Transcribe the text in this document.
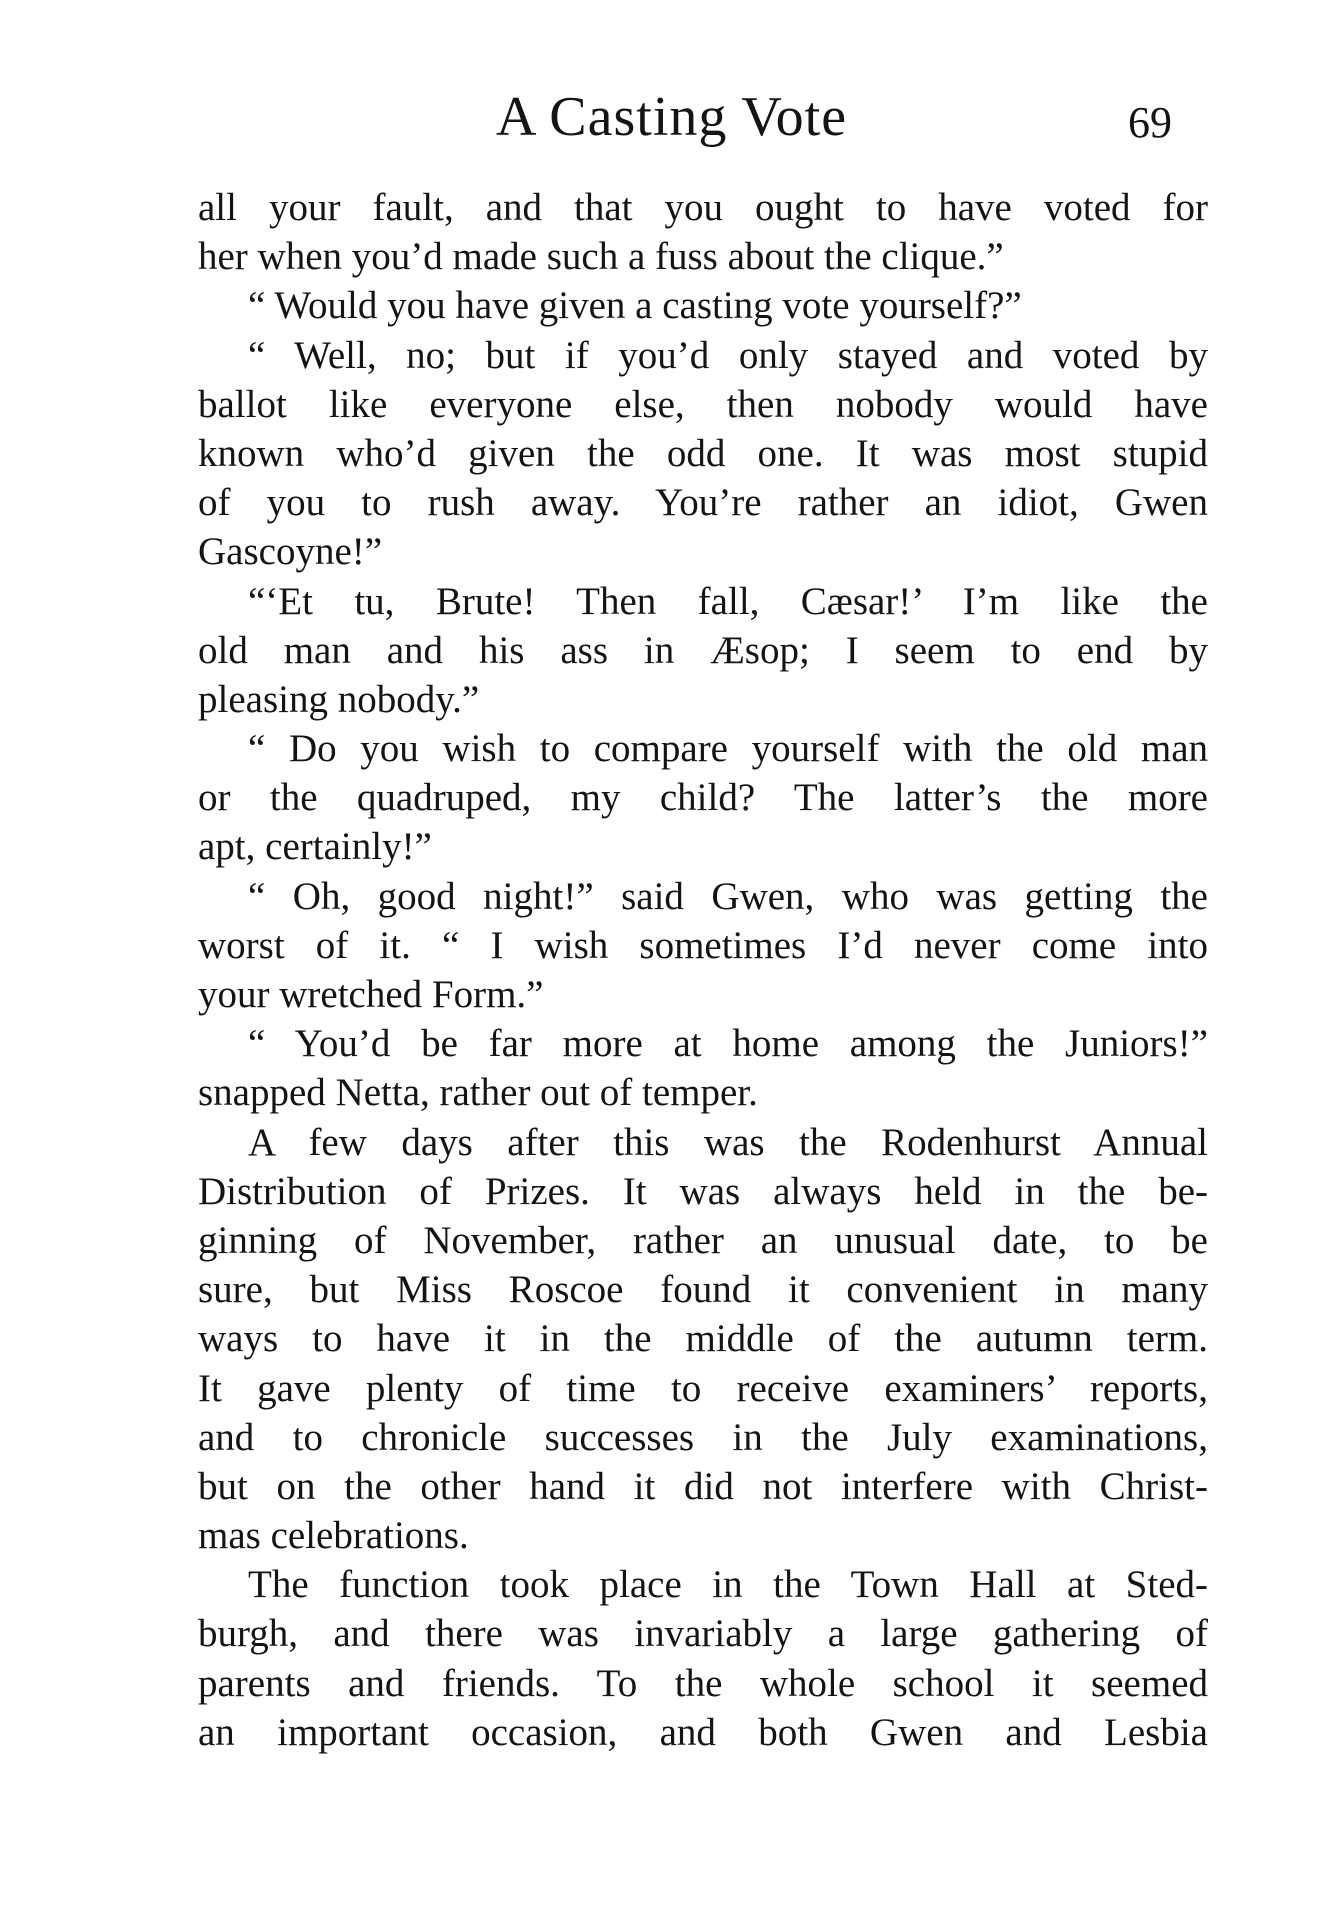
A Casting Vote	69
all your fault, and that you ought to have voted for
her when you’d made such a fuss about the clique.”
“ Would you have given a casting vote yourself?”
“ Well, no; but if you’d only stayed and voted by
ballot like everyone else, then nobody would have
known who’d given the odd one. It was most stupid
of you to rush away. You’re rather an idiot, Gwen
Gascoyne!”
“‘Et tu, Brute! Then fall, Cæsar!’ I’m like the
old man and his ass in Æsop; I seem to end by
pleasing nobody.”
“ Do you wish to compare yourself with the old man
or the quadruped, my child? The latter’s the more
apt, certainly!”
“ Oh, good night!” said Gwen, who was getting the
worst of it. “ I wish sometimes I’d never come into
your wretched Form.”
“ You’d be far more at home among the Juniors!”
snapped Netta, rather out of temper.
A few days after this was the Rodenhurst Annual
Distribution of Prizes. It was always held in the be-
ginning of November, rather an unusual date, to be
sure, but Miss Roscoe found it convenient in many
ways to have it in the middle of the autumn term.
It gave plenty of time to receive examiners’ reports,
and to chronicle successes in the July examinations,
but on the other hand it did not interfere with Christ-
mas celebrations.
The function took place in the Town Hall at Sted-
burgh, and there was invariably a large gathering of
parents and friends. To the whole school it seemed
an important occasion, and both Gwen and Lesbia
